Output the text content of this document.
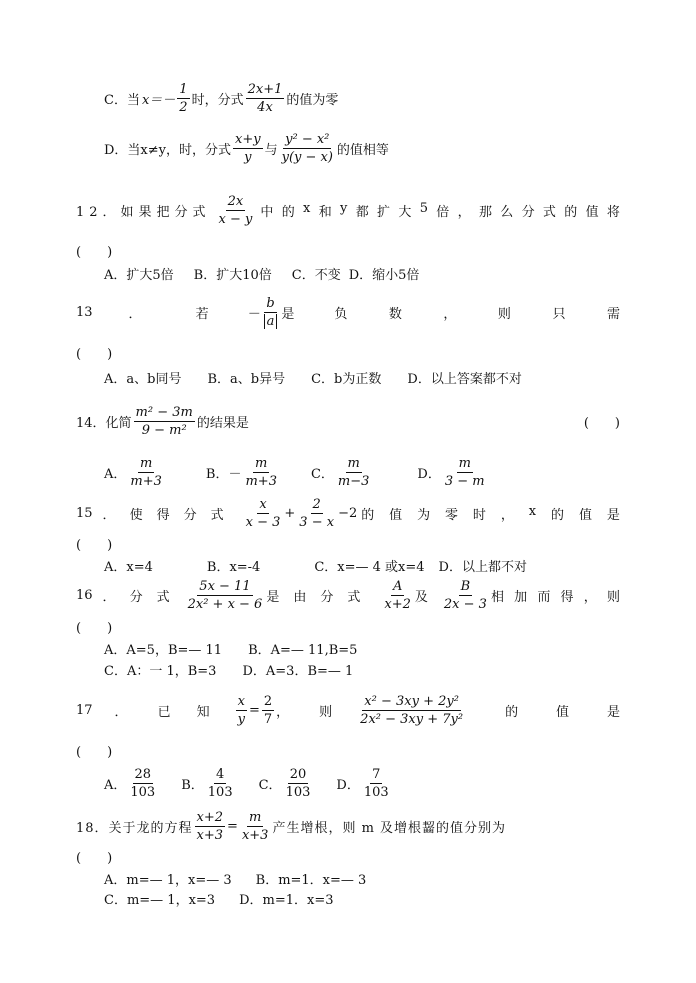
C．当 $x=- \frac{1}{2}$ 时，分式 $\frac{2x+1}{4x}$ 的值为零
D．当x≠y，时，分式 $\frac{x+y}{y}$ 与 $\frac{\text{y² − x²}}{y(y - x)}$ 的值相等
12．如果把分式 $\frac{2x}{x - y}$ 中 的 x 和 y 都 扩 大 5 倍 ， 那 么 分 式 的 值 将
(　　)
A．扩大5倍 B．扩大10倍 C．不变 D．缩小5倍
13	．	若	－ $\frac{b}{a}$ 是	负	数	，	则	只	需
(　　)
A．a、b同号 B．a、b异号 C．b为正数 D．以上答案都不对
14．化简 $\frac{\text{m² − 3m}}{\text{9 − m²}}$ 的结果是	(　　)
A． $\frac{m}{m+3}$	B． － $\frac{m}{m+3}$ C． $\frac{m}{m-3}$	D． $\frac{m}{3 - m}$
15 ． 使 得 分 式 $\frac{x}{x - 3} + \frac{2}{3 - x} -2$ 的 值 为 零 时 ， x 的 值 是
(　　)
A．x=4	B．x=-4	C．x=— 4 或x=4 D．以上都不对
16 ． 分 式 $\frac{5x - 11}{\text{2x² + x − 6}}$ 是 由 分 式 $\frac{A}{x+2}$ 及 $\frac{B}{2x - 3}$ 相 加 而 得 ， 则
(　　)
A．A=5，B=— 11 B．A=— 11,B=5
C．A：一 1，B=3 D．A=3．B=— 1
17 ． 已 知 $\frac{x}{y} = \frac{2}{7}$ ， 则 $\frac{\text{x² − 3xy + 2y²}}{\text{2x² − 3xy + 7y²}}$	的	值	是
(　　)
A． $\frac{28}{103}$ B． $\frac{4}{103}$ C． $\frac{20}{103}$ D． $\frac{7}{103}$
18．关于龙的方程 $\frac{x+2}{x+3} = \frac{m}{x+3}$ 产生增根，则 m 及增根齧的值分别为
(　　)
A．m=— 1，x=— 3 B．m=1．x=— 3
C．m=— 1，x=3 D．m=1．x=3
